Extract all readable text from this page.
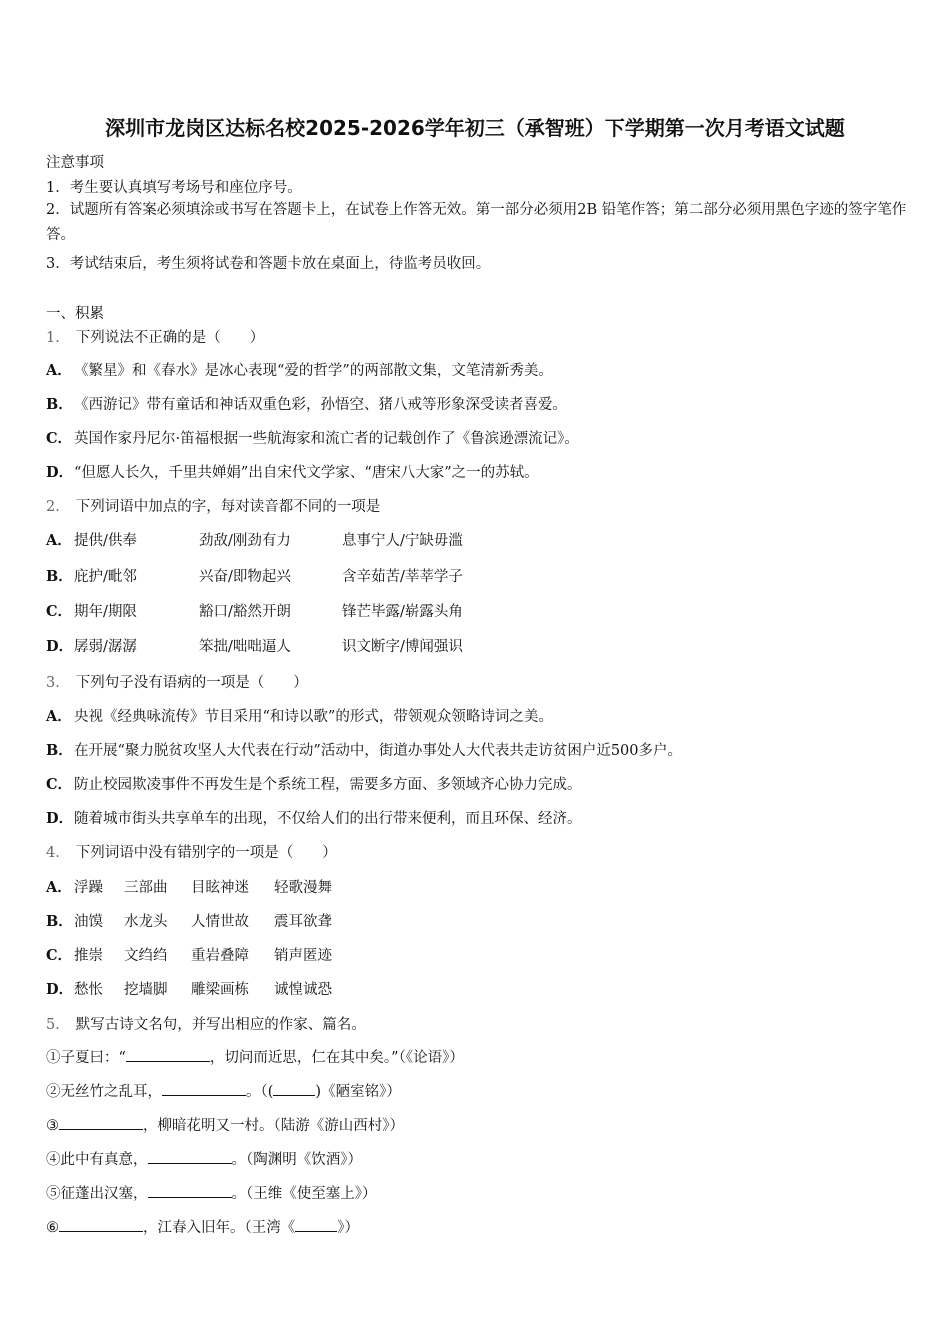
深圳市龙岗区达标名校2025-2026学年初三（承智班）下学期第一次月考语文试题
注意事项
1．考生要认真填写考场号和座位序号。
2．试题所有答案必须填涂或书写在答题卡上，在试卷上作答无效。第一部分必须用2B 铅笔作答；第二部分必须用黑色字迹的签字笔作答。
3．考试结束后，考生须将试卷和答题卡放在桌面上，待监考员收回。
一、积累
1． 下列说法不正确的是（　　）
A． 《繁星》和《春水》是冰心表现“爱的哲学”的两部散文集，文笔清新秀美。
B．《西游记》带有童话和神话双重色彩，孙悟空、猪八戒等形象深受读者喜爱。
C． 英国作家丹尼尔·笛福根据一些航海家和流亡者的记载创作了《鲁滨逊漂流记》。
D．“但愿人长久，千里共婵娟”出自宋代文学家、“唐宋八大家”之一的苏轼。
2． 下列词语中加点的字，每对读音都不同的一项是
A． 提供/供奉	劲敌/刚劲有力	息事宁人/宁缺毋滥
B．庇护/毗邻	兴奋/即物起兴	含辛茹苦/莘莘学子
C． 期年/期限	豁口/豁然开朗	锋芒毕露/崭露头角
D．孱弱/潺潺	笨拙/咄咄逼人	识文断字/博闻强识
3． 下列句子没有语病的一项是（　　）
A． 央视《经典咏流传》节目采用“和诗以歌”的形式，带领观众领略诗词之美。
B．在开展“聚力脱贫攻坚人大代表在行动”活动中，街道办事处人大代表共走访贫困户近500多户。
C． 防止校园欺凌事件不再发生是个系统工程，需要多方面、多领域齐心协力完成。
D．随着城市街头共享单车的出现，不仅给人们的出行带来便利，而且环保、经济。
4． 下列词语中没有错别字的一项是（　　）
A． 浮躁 三部曲 目眩神迷 轻歌漫舞
B．油馍 水龙头 人情世故 震耳欲聋
C． 推崇 文绉绉 重岩叠障 销声匿迹
D．愁怅 挖墙脚 雕梁画栋 诚惶诚恐
5． 默写古诗文名句，并写出相应的作家、篇名。
①子夏曰：“	，切问而近思，仁在其中矣。”（《论语》）
②无丝竹之乱耳，	。（(	)《陋室铭》）
③	，柳暗花明又一村。（陆游《游山西村》）
④此中有真意，	。（陶渊明《饮酒》）
⑤征蓬出汉塞，	。（王维《使至塞上》）
⑥	，江春入旧年。（王湾《	》）
